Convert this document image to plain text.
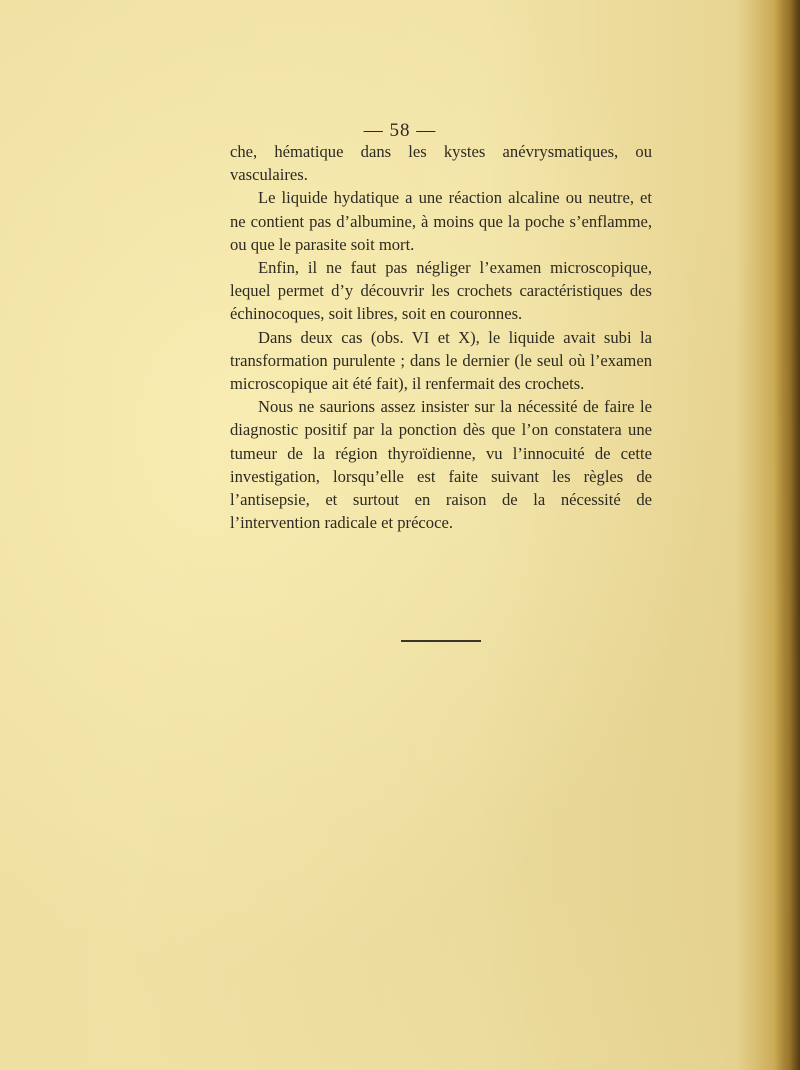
— 58 —

che, hématique dans les kystes anévrysmatiques, ou vasculaires.

Le liquide hydatique a une réaction alcaline ou neutre, et ne contient pas d’albumine, à moins que la poche s’enflamme, ou que le parasite soit mort.

Enfin, il ne faut pas négliger l’examen microscopique, lequel permet d’y découvrir les crochets caractéristiques des échinocoques, soit libres, soit en couronnes.

Dans deux cas (obs. VI et X), le liquide avait subi la transformation purulente ; dans le dernier (le seul où l’examen microscopique ait été fait), il renfermait des crochets.

Nous ne saurions assez insister sur la nécessité de faire le diagnostic positif par la ponction dès que l’on constatera une tumeur de la région thyroïdienne, vu l’innocuité de cette investigation, lorsqu’elle est faite suivant les règles de l’antisepsie, et surtout en raison de la nécessité de l’intervention radicale et précoce.
